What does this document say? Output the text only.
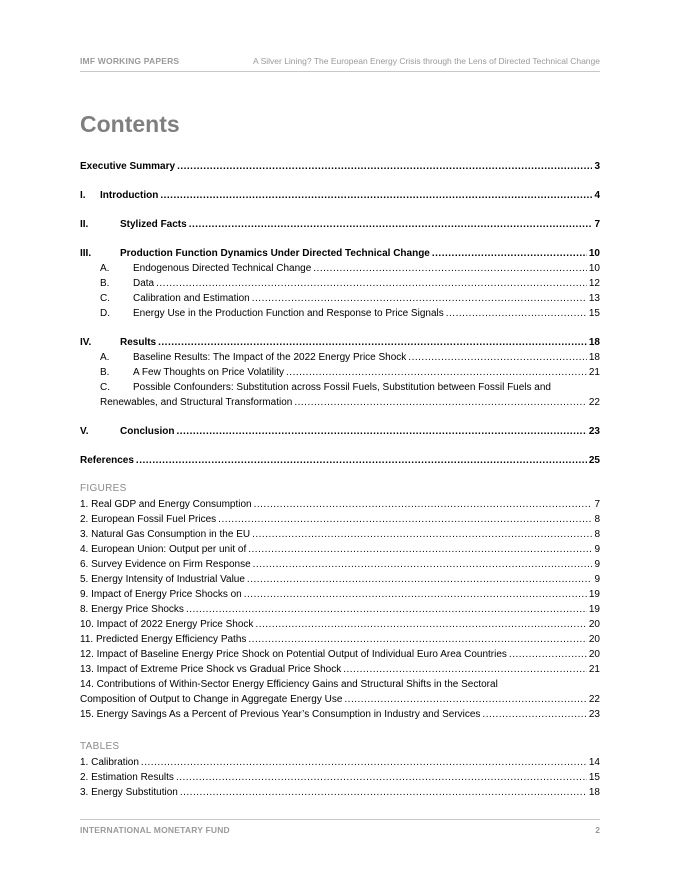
IMF WORKING PAPERS	A Silver Lining? The European Energy Crisis through the Lens of Directed Technical Change
Contents
Executive Summary .....	3
I.	Introduction .....	4
II.	Stylized Facts .....	7
III.	Production Function Dynamics Under Directed Technical Change .....	10
A.	Endogenous Directed Technical Change .....	10
B.	Data .....	12
C.	Calibration and Estimation .....	13
D.	Energy Use in the Production Function and Response to Price Signals .....	15
IV.	Results .....	18
A.	Baseline Results: The Impact of the 2022 Energy Price Shock .....	18
B.	A Few Thoughts on Price Volatility .....	21
C. Possible Confounders: Substitution across Fossil Fuels, Substitution between Fossil Fuels and
Renewables, and Structural Transformation .....	22
V.	Conclusion .....	23
References .....	25
FIGURES
1. Real GDP and Energy Consumption .....	7
2. European Fossil Fuel Prices .....	8
3. Natural Gas Consumption in the EU .....	8
4. European Union: Output per unit of .....	9
6. Survey Evidence on Firm Response .....	9
5. Energy Intensity of Industrial Value .....	9
9. Impact of Energy Price Shocks on .....	19
8. Energy Price Shocks .....	19
10. Impact of 2022 Energy Price Shock .....	20
11. Predicted Energy Efficiency Paths .....	20
12. Impact of Baseline Energy Price Shock on Potential Output of Individual Euro Area Countries .....	20
13. Impact of Extreme Price Shock vs Gradual Price Shock .....	21
14. Contributions of Within-Sector Energy Efficiency Gains and Structural Shifts in the Sectoral
Composition of Output to Change in Aggregate Energy Use .....	22
15. Energy Savings As a Percent of Previous Year’s Consumption in Industry and Services .....	23
TABLES
1. Calibration .....	14
2. Estimation Results .....	15
3. Energy Substitution .....	18
INTERNATIONAL MONETARY FUND	2
